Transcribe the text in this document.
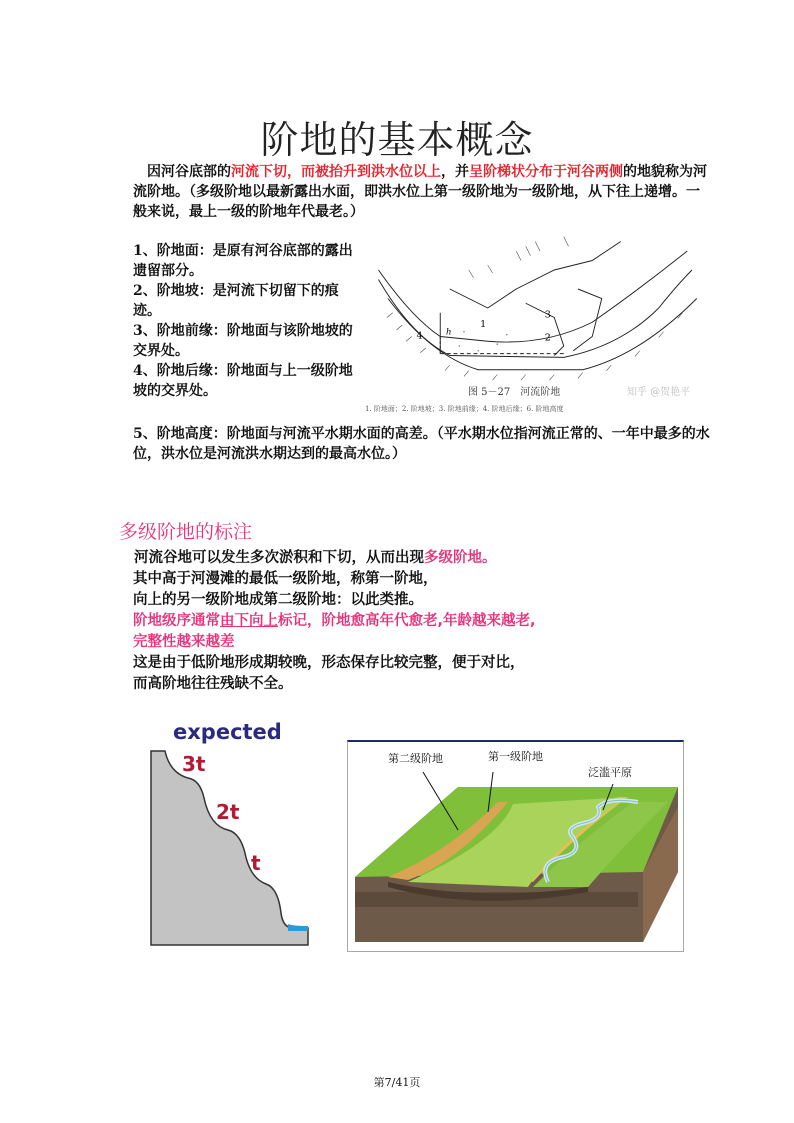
阶地的基本概念
因河谷底部的河流下切，而被抬升到洪水位以上，并呈阶梯状分布于河谷两侧的地貌称为河流阶地。（多级阶地以最新露出水面，即洪水位上第一级阶地为一级阶地，从下往上递增。一般来说，最上一级的阶地年代最老。）
1、阶地面：是原有河谷底部的露出遗留部分。
2、阶地坡：是河流下切留下的痕迹。
3、阶地前缘：阶地面与该阶地坡的交界处。
4、阶地后缘：阶地面与上一级阶地坡的交界处。
1
2
3
4	h
图 5－27　河流阶地	知乎 @贺艳平
1. 阶地面；2. 阶地坡；3. 阶地前缘；4. 阶地后缘；6. 阶地高度
5、阶地高度：阶地面与河流平水期水面的高差。（平水期水位指河流正常的、一年中最多的水位，洪水位是河流洪水期达到的最高水位。）
多级阶地的标注
河流谷地可以发生多次淤积和下切，从而出现多级阶地。
其中高于河漫滩的最低一级阶地，称第一阶地，
向上的另一级阶地成第二级阶地：以此类推。
阶地级序通常由下向上标记，阶地愈高年代愈老,年龄越来越老,
完整性越来越差
这是由于低阶地形成期较晚，形态保存比较完整，便于对比，
而高阶地往往残缺不全。
expected
3t
2t
t
第二级阶地	第一级阶地
泛滥平原
第7/41页
